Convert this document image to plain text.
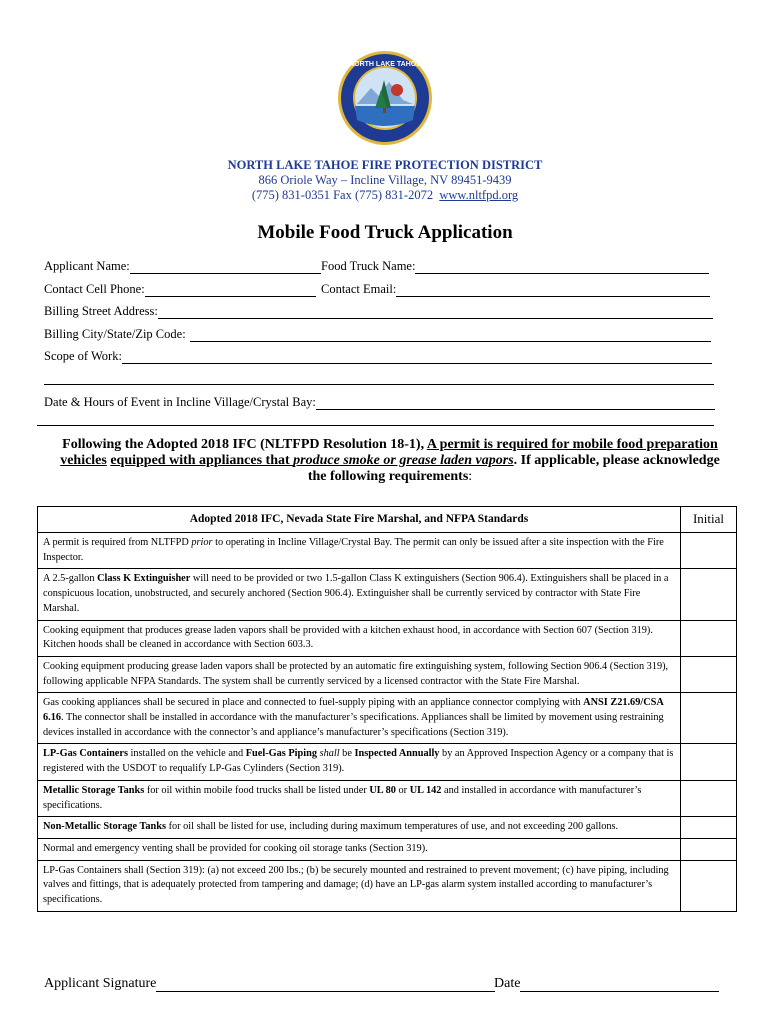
NORTH LAKE TAHOE
NORTH LAKE TAHOE FIRE PROTECTION DISTRICT
866 Oriole Way – Incline Village, NV 89451-9439
(775) 831-0351 Fax (775) 831-2072 www.nltfpd.org
Mobile Food Truck Application
Applicant Name:	Food Truck Name:
Contact Cell Phone:	Contact Email:
Billing Street Address:
Billing City/State/Zip Code:
Scope of Work:
Date & Hours of Event in Incline Village/Crystal Bay:
Following the Adopted 2018 IFC (NLTFPD Resolution 18-1), A permit is required for mobile food preparation vehicles equipped with appliances that produce smoke or grease laden vapors. If applicable, please acknowledge the following requirements:
Adopted 2018 IFC, Nevada State Fire Marshal, and NFPA Standards	Initial
A permit is required from NLTFPD prior to operating in Incline Village/Crystal Bay. The permit can only be issued after a site inspection with the Fire Inspector.	
A 2.5-gallon Class K Extinguisher will need to be provided or two 1.5-gallon Class K extinguishers (Section 906.4). Extinguishers shall be placed in a conspicuous location, unobstructed, and securely anchored (Section 906.4). Extinguisher shall be currently serviced by contractor with State Fire Marshal.	
Cooking equipment that produces grease laden vapors shall be provided with a kitchen exhaust hood, in accordance with Section 607 (Section 319). Kitchen hoods shall be cleaned in accordance with Section 603.3.	
Cooking equipment producing grease laden vapors shall be protected by an automatic fire extinguishing system, following Section 906.4 (Section 319), following applicable NFPA Standards. The system shall be currently serviced by a licensed contractor with the State Fire Marshal.	
Gas cooking appliances shall be secured in place and connected to fuel-supply piping with an appliance connector complying with ANSI Z21.69/CSA 6.16. The connector shall be installed in accordance with the manufacturer’s specifications. Appliances shall be limited by movement using restraining devices installed in accordance with the connector’s and appliance’s manufacturer’s specifications (Section 319).	
LP-Gas Containers installed on the vehicle and Fuel-Gas Piping shall be Inspected Annually by an Approved Inspection Agency or a company that is registered with the USDOT to requalify LP-Gas Cylinders (Section 319).	
Metallic Storage Tanks for oil within mobile food trucks shall be listed under UL 80 or UL 142 and installed in accordance with manufacturer’s specifications.	
Non-Metallic Storage Tanks for oil shall be listed for use, including during maximum temperatures of use, and not exceeding 200 gallons.	
Normal and emergency venting shall be provided for cooking oil storage tanks (Section 319).	
LP-Gas Containers shall (Section 319): (a) not exceed 200 lbs.; (b) be securely mounted and restrained to prevent movement; (c) have piping, including valves and fittings, that is adequately protected from tampering and damage; (d) have an LP-gas alarm system installed according to manufacturer’s specifications.	
Applicant Signature	Date
